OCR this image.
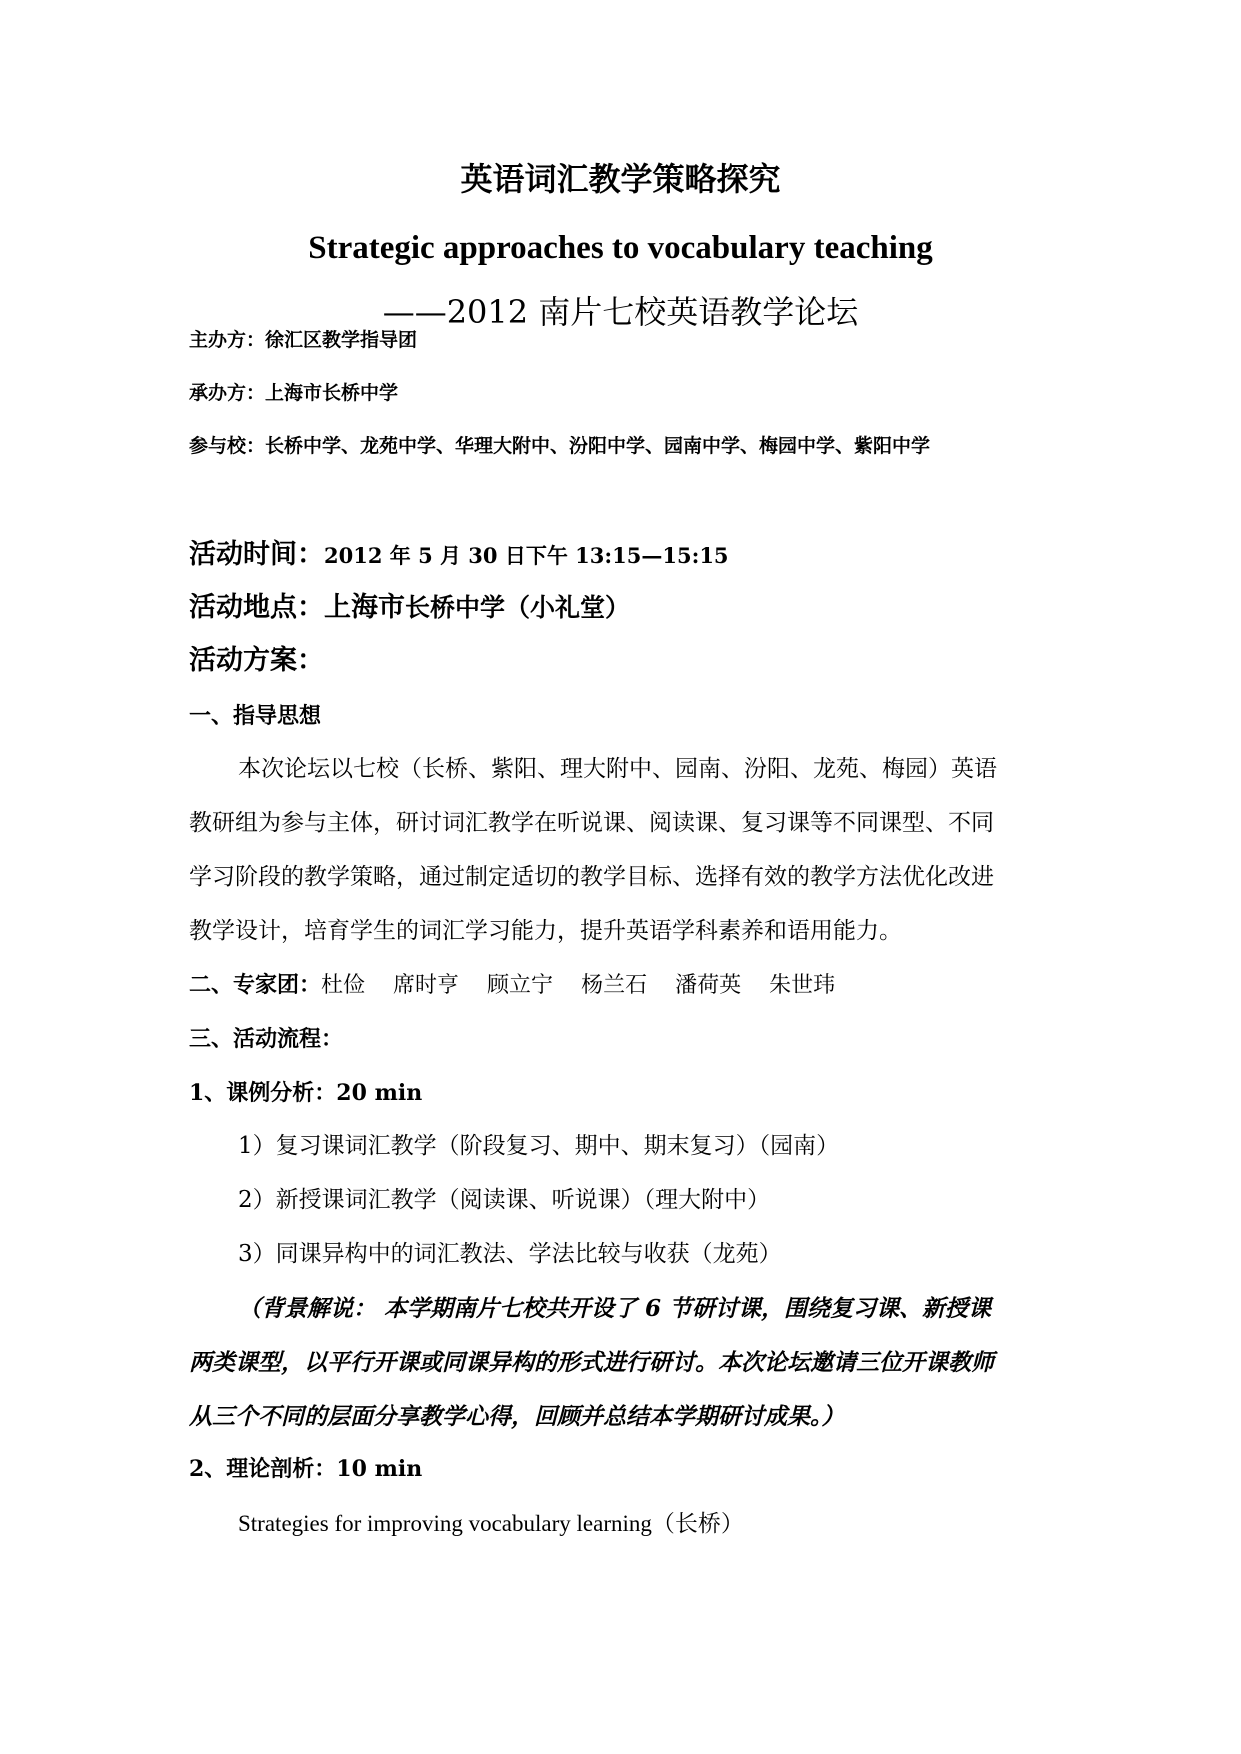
英语词汇教学策略探究
Strategic approaches to vocabulary teaching
——2012 南片七校英语教学论坛
主办方：徐汇区教学指导团
承办方：上海市长桥中学
参与校：长桥中学、龙苑中学、华理大附中、汾阳中学、园南中学、梅园中学、紫阳中学
活动时间：2012 年 5 月 30 日下午 13:15—15:15
活动地点：上海市长桥中学（小礼堂）
活动方案：
一、指导思想
本次论坛以七校（长桥、紫阳、理大附中、园南、汾阳、龙苑、梅园）英语
教研组为参与主体，研讨词汇教学在听说课、阅读课、复习课等不同课型、不同
学习阶段的教学策略，通过制定适切的教学目标、选择有效的教学方法优化改进
教学设计，培育学生的词汇学习能力，提升英语学科素养和语用能力。
二、专家团：杜俭 席时亨 顾立宁 杨兰石 潘荷英 朱世玮
三、活动流程：
1、课例分析：20 min
1）复习课词汇教学（阶段复习、期中、期末复习）（园南）
2）新授课词汇教学（阅读课、听说课）（理大附中）
3）同课异构中的词汇教法、学法比较与收获（龙苑）
（背景解说： 本学期南片七校共开设了 6 节研讨课，围绕复习课、新授课
两类课型，以平行开课或同课异构的形式进行研讨。本次论坛邀请三位开课教师
从三个不同的层面分享教学心得，回顾并总结本学期研讨成果。）
2、理论剖析：10 min
Strategies for improving vocabulary learning（长桥）
